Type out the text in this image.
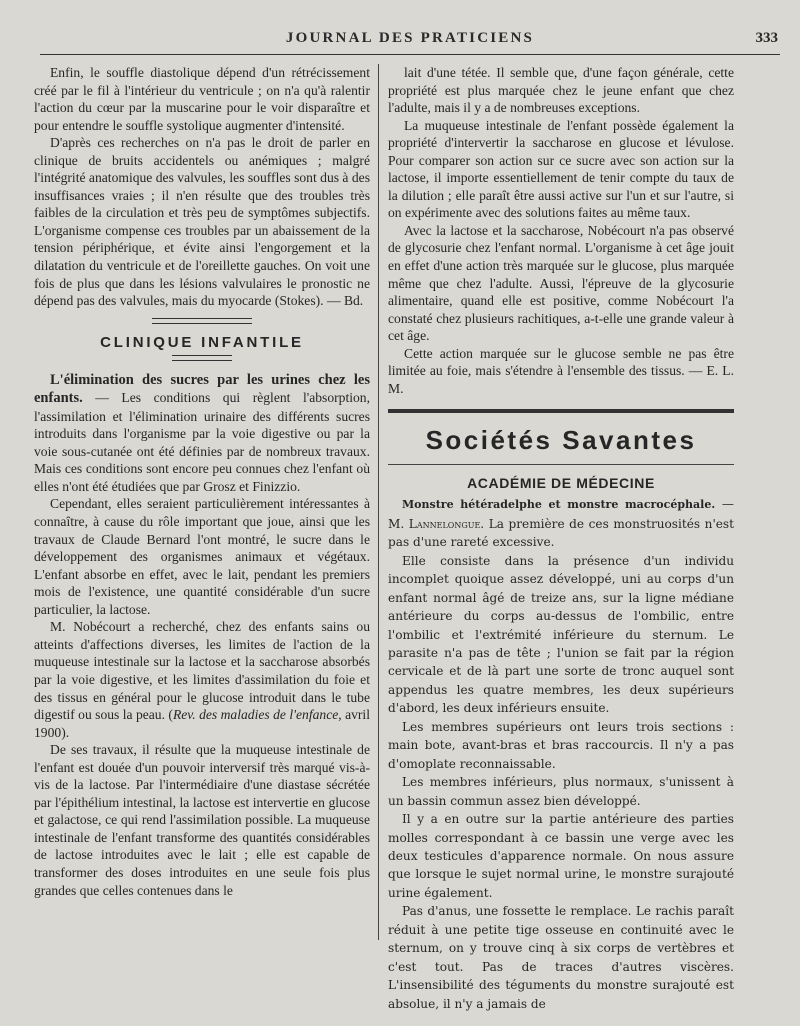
JOURNAL DES PRATICIENS	333

Enfin, le souffle diastolique dépend d'un rétrécissement créé par le fil à l'intérieur du ventricule ; on n'a qu'à ralentir l'action du cœur par la muscarine pour le voir disparaître et pour entendre le souffle systolique augmenter d'intensité.

D'après ces recherches on n'a pas le droit de parler en clinique de bruits accidentels ou anémiques ; malgré l'intégrité anatomique des valvules, les souffles sont dus à des insuffisances vraies ; il n'en résulte que des troubles très faibles de la circulation et très peu de symptômes subjectifs. L'organisme compense ces troubles par un abaissement de la tension périphérique, et évite ainsi l'engorgement et la dilatation du ventricule et de l'oreillette gauches. On voit une fois de plus que dans les lésions valvulaires le pronostic ne dépend pas des valvules, mais du myocarde (Stokes). — Bd.

CLINIQUE INFANTILE

L'élimination des sucres par les urines chez les enfants. — Les conditions qui règlent l'absorption, l'assimilation et l'élimination urinaire des différents sucres introduits dans l'organisme par la voie digestive ou par la voie sous-cutanée ont été définies par de nombreux travaux. Mais ces conditions sont encore peu connues chez l'enfant où elles n'ont été étudiées que par Grosz et Finizzio.

Cependant, elles seraient particulièrement intéressantes à connaître, à cause du rôle important que joue, ainsi que les travaux de Claude Bernard l'ont montré, le sucre dans le développement des organismes animaux et végétaux. L'enfant absorbe en effet, avec le lait, pendant les premiers mois de l'existence, une quantité considérable d'un sucre particulier, la lactose.

M. Nobécourt a recherché, chez des enfants sains ou atteints d'affections diverses, les limites de l'action de la muqueuse intestinale sur la lactose et la saccharose absorbés par la voie digestive, et les limites d'assimilation du foie et des tissus en général pour le glucose introduit dans le tube digestif ou sous la peau. (Rev. des maladies de l'enfance, avril 1900).

De ses travaux, il résulte que la muqueuse intestinale de l'enfant est douée d'un pouvoir interversif très marqué vis-à-vis de la lactose. Par l'intermédiaire d'une diastase sécrétée par l'épithélium intestinal, la lactose est intervertie en glucose et galactose, ce qui rend l'assimilation possible. La muqueuse intestinale de l'enfant transforme des quantités considérables de lactose introduites avec le lait ; elle est capable de transformer des doses introduites en une seule fois plus grandes que celles contenues dans le

lait d'une tétée. Il semble que, d'une façon générale, cette propriété est plus marquée chez le jeune enfant que chez l'adulte, mais il y a de nombreuses exceptions.

La muqueuse intestinale de l'enfant possède également la propriété d'intervertir la saccharose en glucose et lévulose. Pour comparer son action sur ce sucre avec son action sur la lactose, il importe essentiellement de tenir compte du taux de la dilution ; elle paraît être aussi active sur l'un et sur l'autre, si on expérimente avec des solutions faites au même taux.

Avec la lactose et la saccharose, Nobécourt n'a pas observé de glycosurie chez l'enfant normal. L'organisme à cet âge jouit en effet d'une action très marquée sur le glucose, plus marquée même que chez l'adulte. Aussi, l'épreuve de la glycosurie alimentaire, quand elle est positive, comme Nobécourt l'a constaté chez plusieurs rachitiques, a-t-elle une grande valeur à cet âge.

Cette action marquée sur le glucose semble ne pas être limitée au foie, mais s'étendre à l'ensemble des tissus. — E. L. M.

Sociétés Savantes
ACADÉMIE DE MÉDECINE

Monstre hétéradelphe et monstre macrocéphale. — M. Lannelongue. La première de ces monstruosités n'est pas d'une rareté excessive.

Elle consiste dans la présence d'un individu incomplet quoique assez développé, uni au corps d'un enfant normal âgé de treize ans, sur la ligne médiane antérieure du corps au-dessus de l'ombilic, entre l'ombilic et l'extrémité inférieure du sternum. Le parasite n'a pas de tête ; l'union se fait par la région cervicale et de là part une sorte de tronc auquel sont appendus les quatre membres, les deux supérieurs d'abord, les deux inférieurs ensuite.

Les membres supérieurs ont leurs trois sections : main bote, avant-bras et bras raccourcis. Il n'y a pas d'omoplate reconnaissable.

Les membres inférieurs, plus normaux, s'unissent à un bassin commun assez bien développé.

Il y a en outre sur la partie antérieure des parties molles correspondant à ce bassin une verge avec les deux testicules d'apparence normale. On nous assure que lorsque le sujet normal urine, le monstre surajouté urine également.

Pas d'anus, une fossette le remplace. Le rachis paraît réduit à une petite tige osseuse en continuité avec le sternum, on y trouve cinq à six corps de vertèbres et c'est tout. Pas de traces d'autres viscères. L'insensibilité des téguments du monstre surajouté est absolue, il n'y a jamais de
